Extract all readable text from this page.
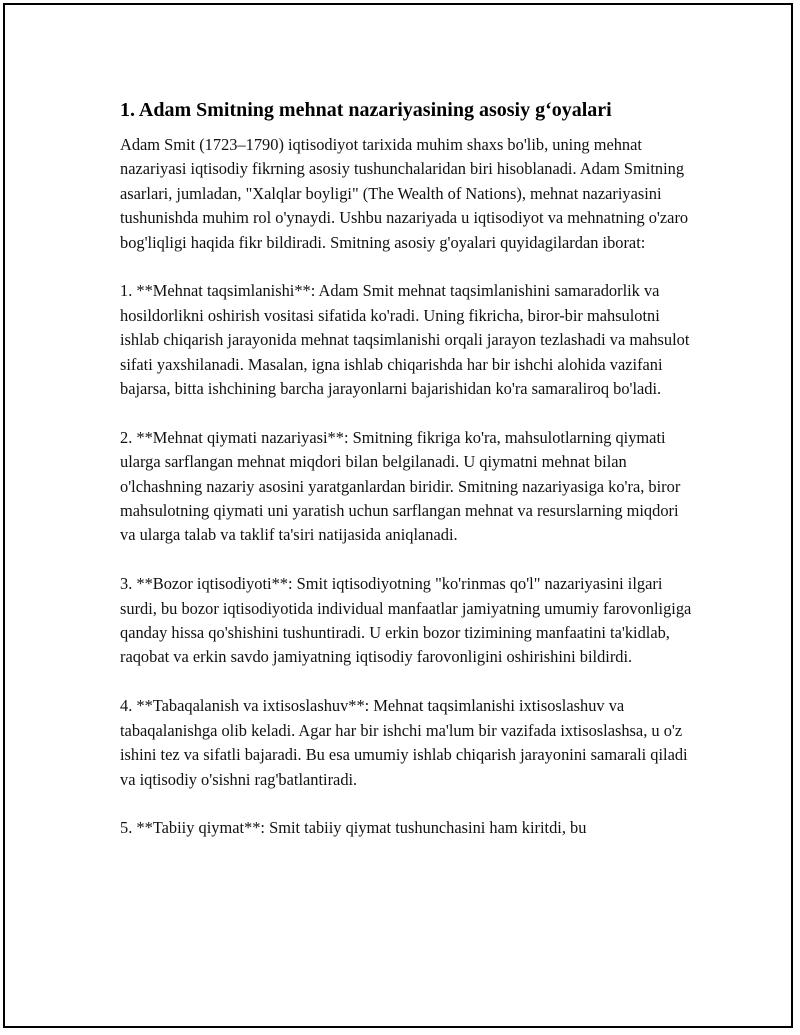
1. Adam Smitning mehnat nazariyasining asosiy g‘oyalari

Adam Smit (1723–1790) iqtisodiyot tarixida muhim shaxs bo'lib, uning mehnat nazariyasi iqtisodiy fikrning asosiy tushunchalaridan biri hisoblanadi. Adam Smitning asarlari, jumladan, "Xalqlar boyligi" (The Wealth of Nations), mehnat nazariyasini tushunishda muhim rol o'ynaydi. Ushbu nazariyada u iqtisodiyot va mehnatning o'zaro bog'liqligi haqida fikr bildiradi. Smitning asosiy g'oyalari quyidagilardan iborat:

1. **Mehnat taqsimlanishi**: Adam Smit mehnat taqsimlanishini samaradorlik va hosildorlikni oshirish vositasi sifatida ko'radi. Uning fikricha, biror-bir mahsulotni ishlab chiqarish jarayonida mehnat taqsimlanishi orqali jarayon tezlashadi va mahsulot sifati yaxshilanadi. Masalan, igna ishlab chiqarishda har bir ishchi alohida vazifani bajarsa, bitta ishchining barcha jarayonlarni bajarishidan ko'ra samaraliroq bo'ladi.

2. **Mehnat qiymati nazariyasi**: Smitning fikriga ko'ra, mahsulotlarning qiymati ularga sarflangan mehnat miqdori bilan belgilanadi. U qiymatni mehnat bilan o'lchashning nazariy asosini yaratganlardan biridir. Smitning nazariyasiga ko'ra, biror mahsulotning qiymati uni yaratish uchun sarflangan mehnat va resurslarning miqdori va ularga talab va taklif ta'siri natijasida aniqlanadi.

3. **Bozor iqtisodiyoti**: Smit iqtisodiyotning "ko'rinmas qo'l" nazariyasini ilgari surdi, bu bozor iqtisodiyotida individual manfaatlar jamiyatning umumiy farovonligiga qanday hissa qo'shishini tushuntiradi. U erkin bozor tizimining manfaatini ta'kidlab, raqobat va erkin savdo jamiyatning iqtisodiy farovonligini oshirishini bildirdi.

4. **Tabaqalanish va ixtisoslashuv**: Mehnat taqsimlanishi ixtisoslashuv va tabaqalanishga olib keladi. Agar har bir ishchi ma'lum bir vazifada ixtisoslashsa, u o'z ishini tez va sifatli bajaradi. Bu esa umumiy ishlab chiqarish jarayonini samarali qiladi va iqtisodiy o'sishni rag'batlantiradi.

5. **Tabiiy qiymat**: Smit tabiiy qiymat tushunchasini ham kiritdi, bu
